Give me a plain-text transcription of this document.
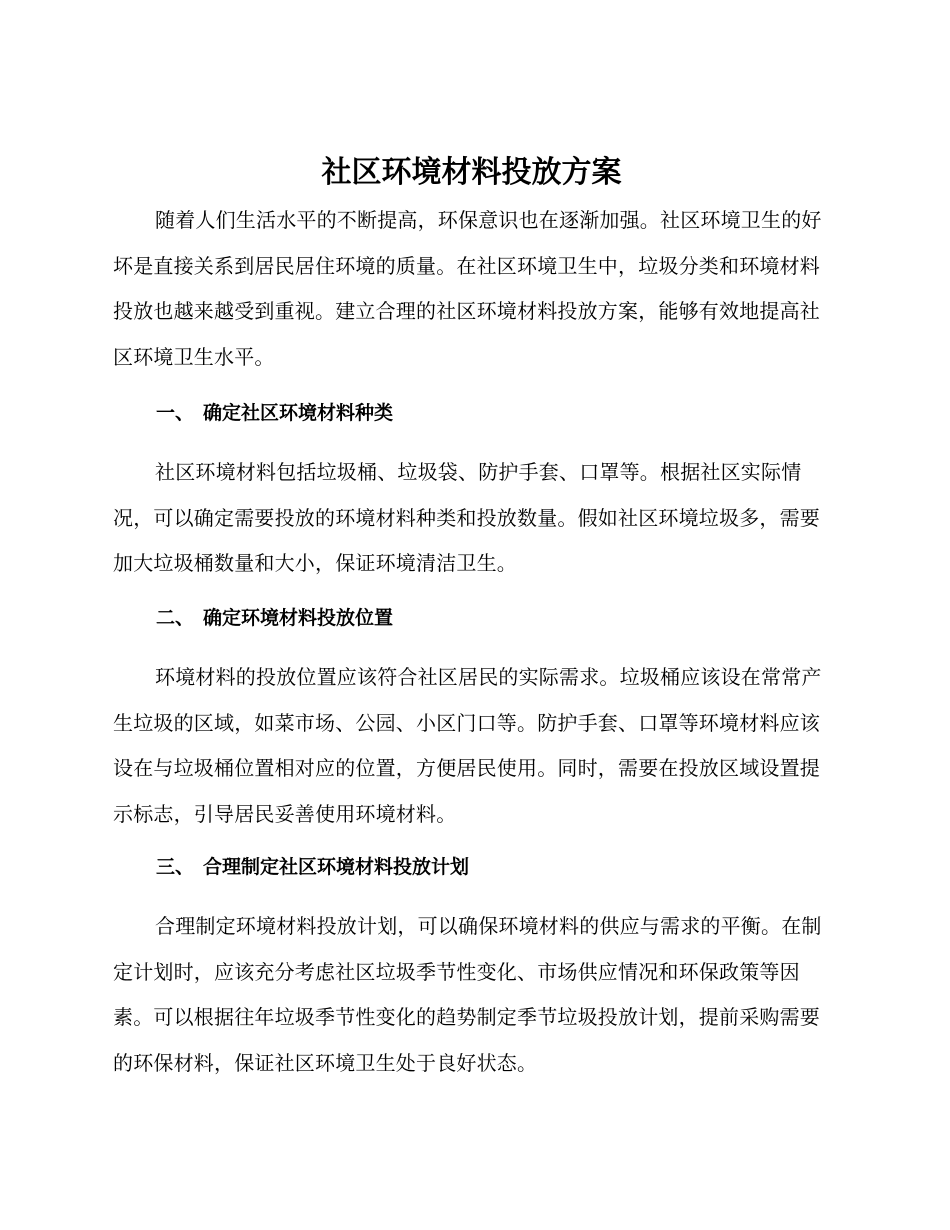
社区环境材料投放方案

随着人们生活水平的不断提高，环保意识也在逐渐加强。社区环境卫生的好坏是直接关系到居民居住环境的质量。在社区环境卫生中，垃圾分类和环境材料投放也越来越受到重视。建立合理的社区环境材料投放方案，能够有效地提高社区环境卫生水平。

一、 确定社区环境材料种类

社区环境材料包括垃圾桶、垃圾袋、防护手套、口罩等。根据社区实际情况，可以确定需要投放的环境材料种类和投放数量。假如社区环境垃圾多，需要加大垃圾桶数量和大小，保证环境清洁卫生。

二、 确定环境材料投放位置

环境材料的投放位置应该符合社区居民的实际需求。垃圾桶应该设在常常产生垃圾的区域，如菜市场、公园、小区门口等。防护手套、口罩等环境材料应该设在与垃圾桶位置相对应的位置，方便居民使用。同时，需要在投放区域设置提示标志，引导居民妥善使用环境材料。

三、 合理制定社区环境材料投放计划

合理制定环境材料投放计划，可以确保环境材料的供应与需求的平衡。在制定计划时，应该充分考虑社区垃圾季节性变化、市场供应情况和环保政策等因素。可以根据往年垃圾季节性变化的趋势制定季节垃圾投放计划，提前采购需要的环保材料，保证社区环境卫生处于良好状态。
